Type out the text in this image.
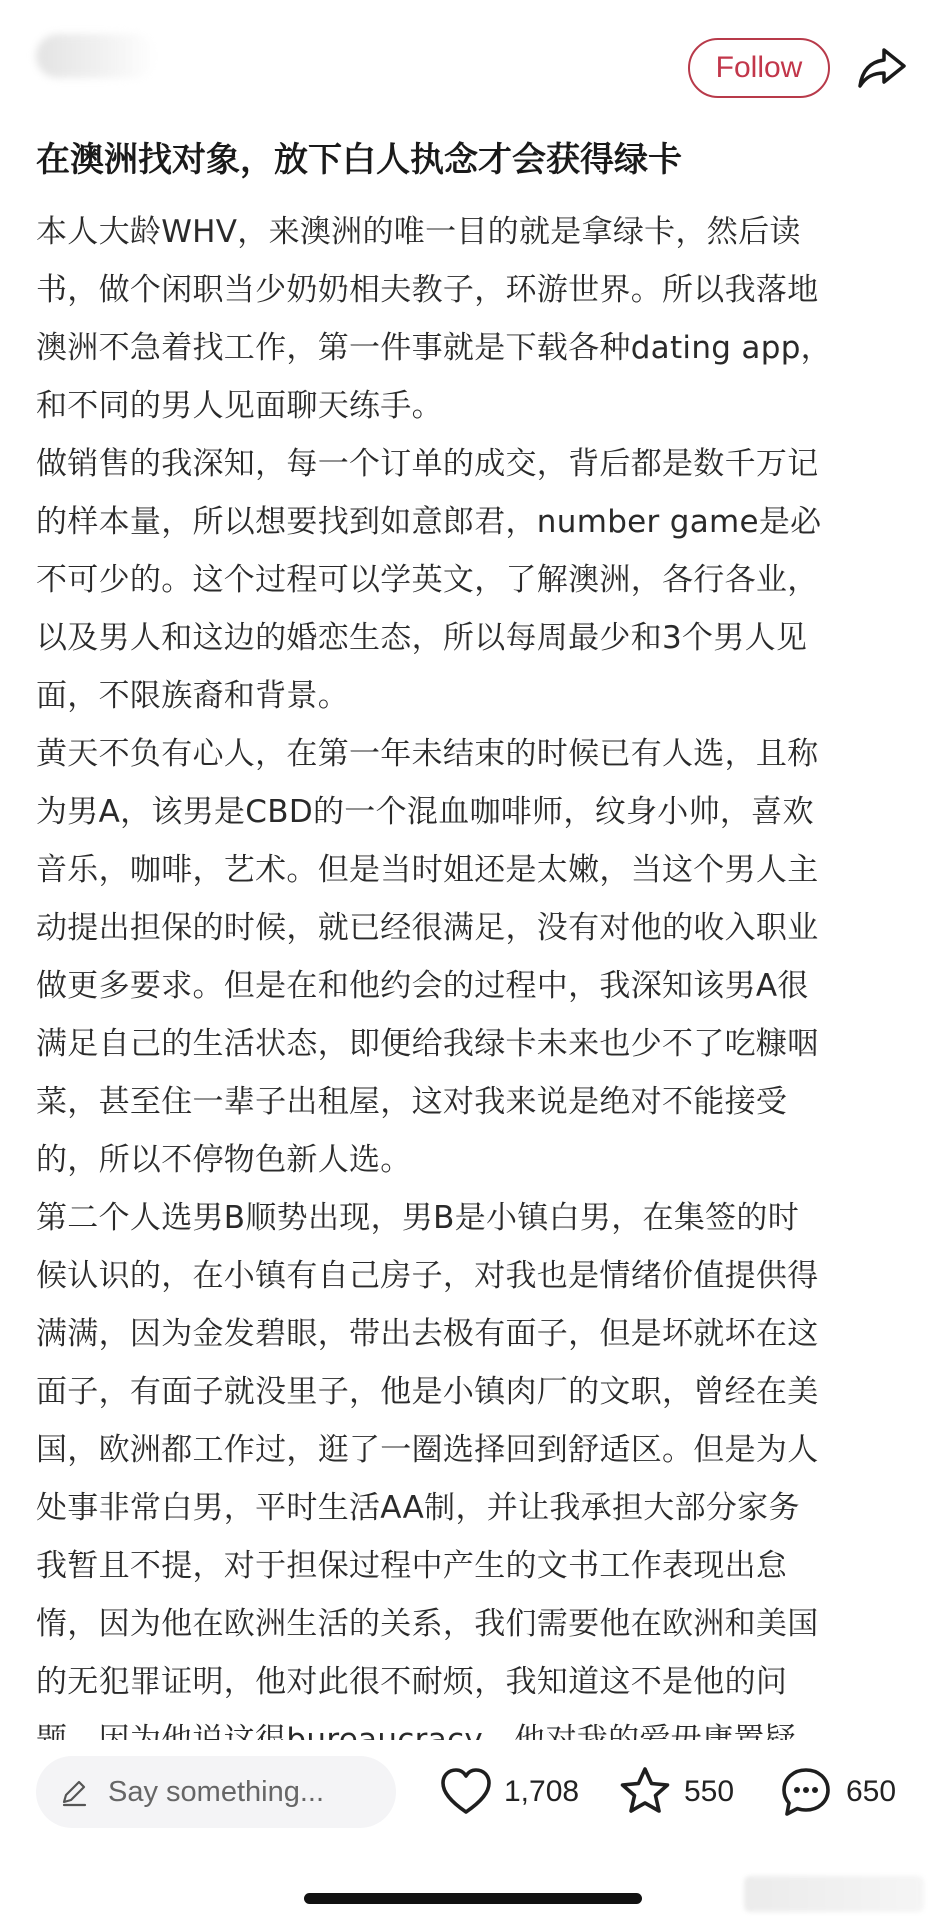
Follow
在澳洲找对象，放下白人执念才会获得绿卡
本人大龄WHV，来澳洲的唯一目的就是拿绿卡，然后读
书，做个闲职当少奶奶相夫教子，环游世界。所以我落地
澳洲不急着找工作，第一件事就是下载各种dating app，
和不同的男人见面聊天练手。
做销售的我深知，每一个订单的成交，背后都是数千万记
的样本量，所以想要找到如意郎君，number game是必
不可少的。这个过程可以学英文，了解澳洲，各行各业，
以及男人和这边的婚恋生态，所以每周最少和3个男人见
面，不限族裔和背景。
黄天不负有心人，在第一年未结束的时候已有人选，且称
为男A，该男是CBD的一个混血咖啡师，纹身小帅，喜欢
音乐，咖啡，艺术。但是当时姐还是太嫩，当这个男人主
动提出担保的时候，就已经很满足，没有对他的收入职业
做更多要求。但是在和他约会的过程中，我深知该男A很
满足自己的生活状态，即便给我绿卡未来也少不了吃糠咽
菜，甚至住一辈子出租屋，这对我来说是绝对不能接受
的，所以不停物色新人选。
第二个人选男B顺势出现，男B是小镇白男，在集签的时
候认识的，在小镇有自己房子，对我也是情绪价值提供得
满满，因为金发碧眼，带出去极有面子，但是坏就坏在这
面子，有面子就没里子，他是小镇肉厂的文职，曾经在美
国，欧洲都工作过，逛了一圈选择回到舒适区。但是为人
处事非常白男，平时生活AA制，并让我承担大部分家务
我暂且不提，对于担保过程中产生的文书工作表现出怠
惰，因为他在欧洲生活的关系，我们需要他在欧洲和美国
的无犯罪证明，他对此很不耐烦，我知道这不是他的问
Say something...	1,708	550	650
